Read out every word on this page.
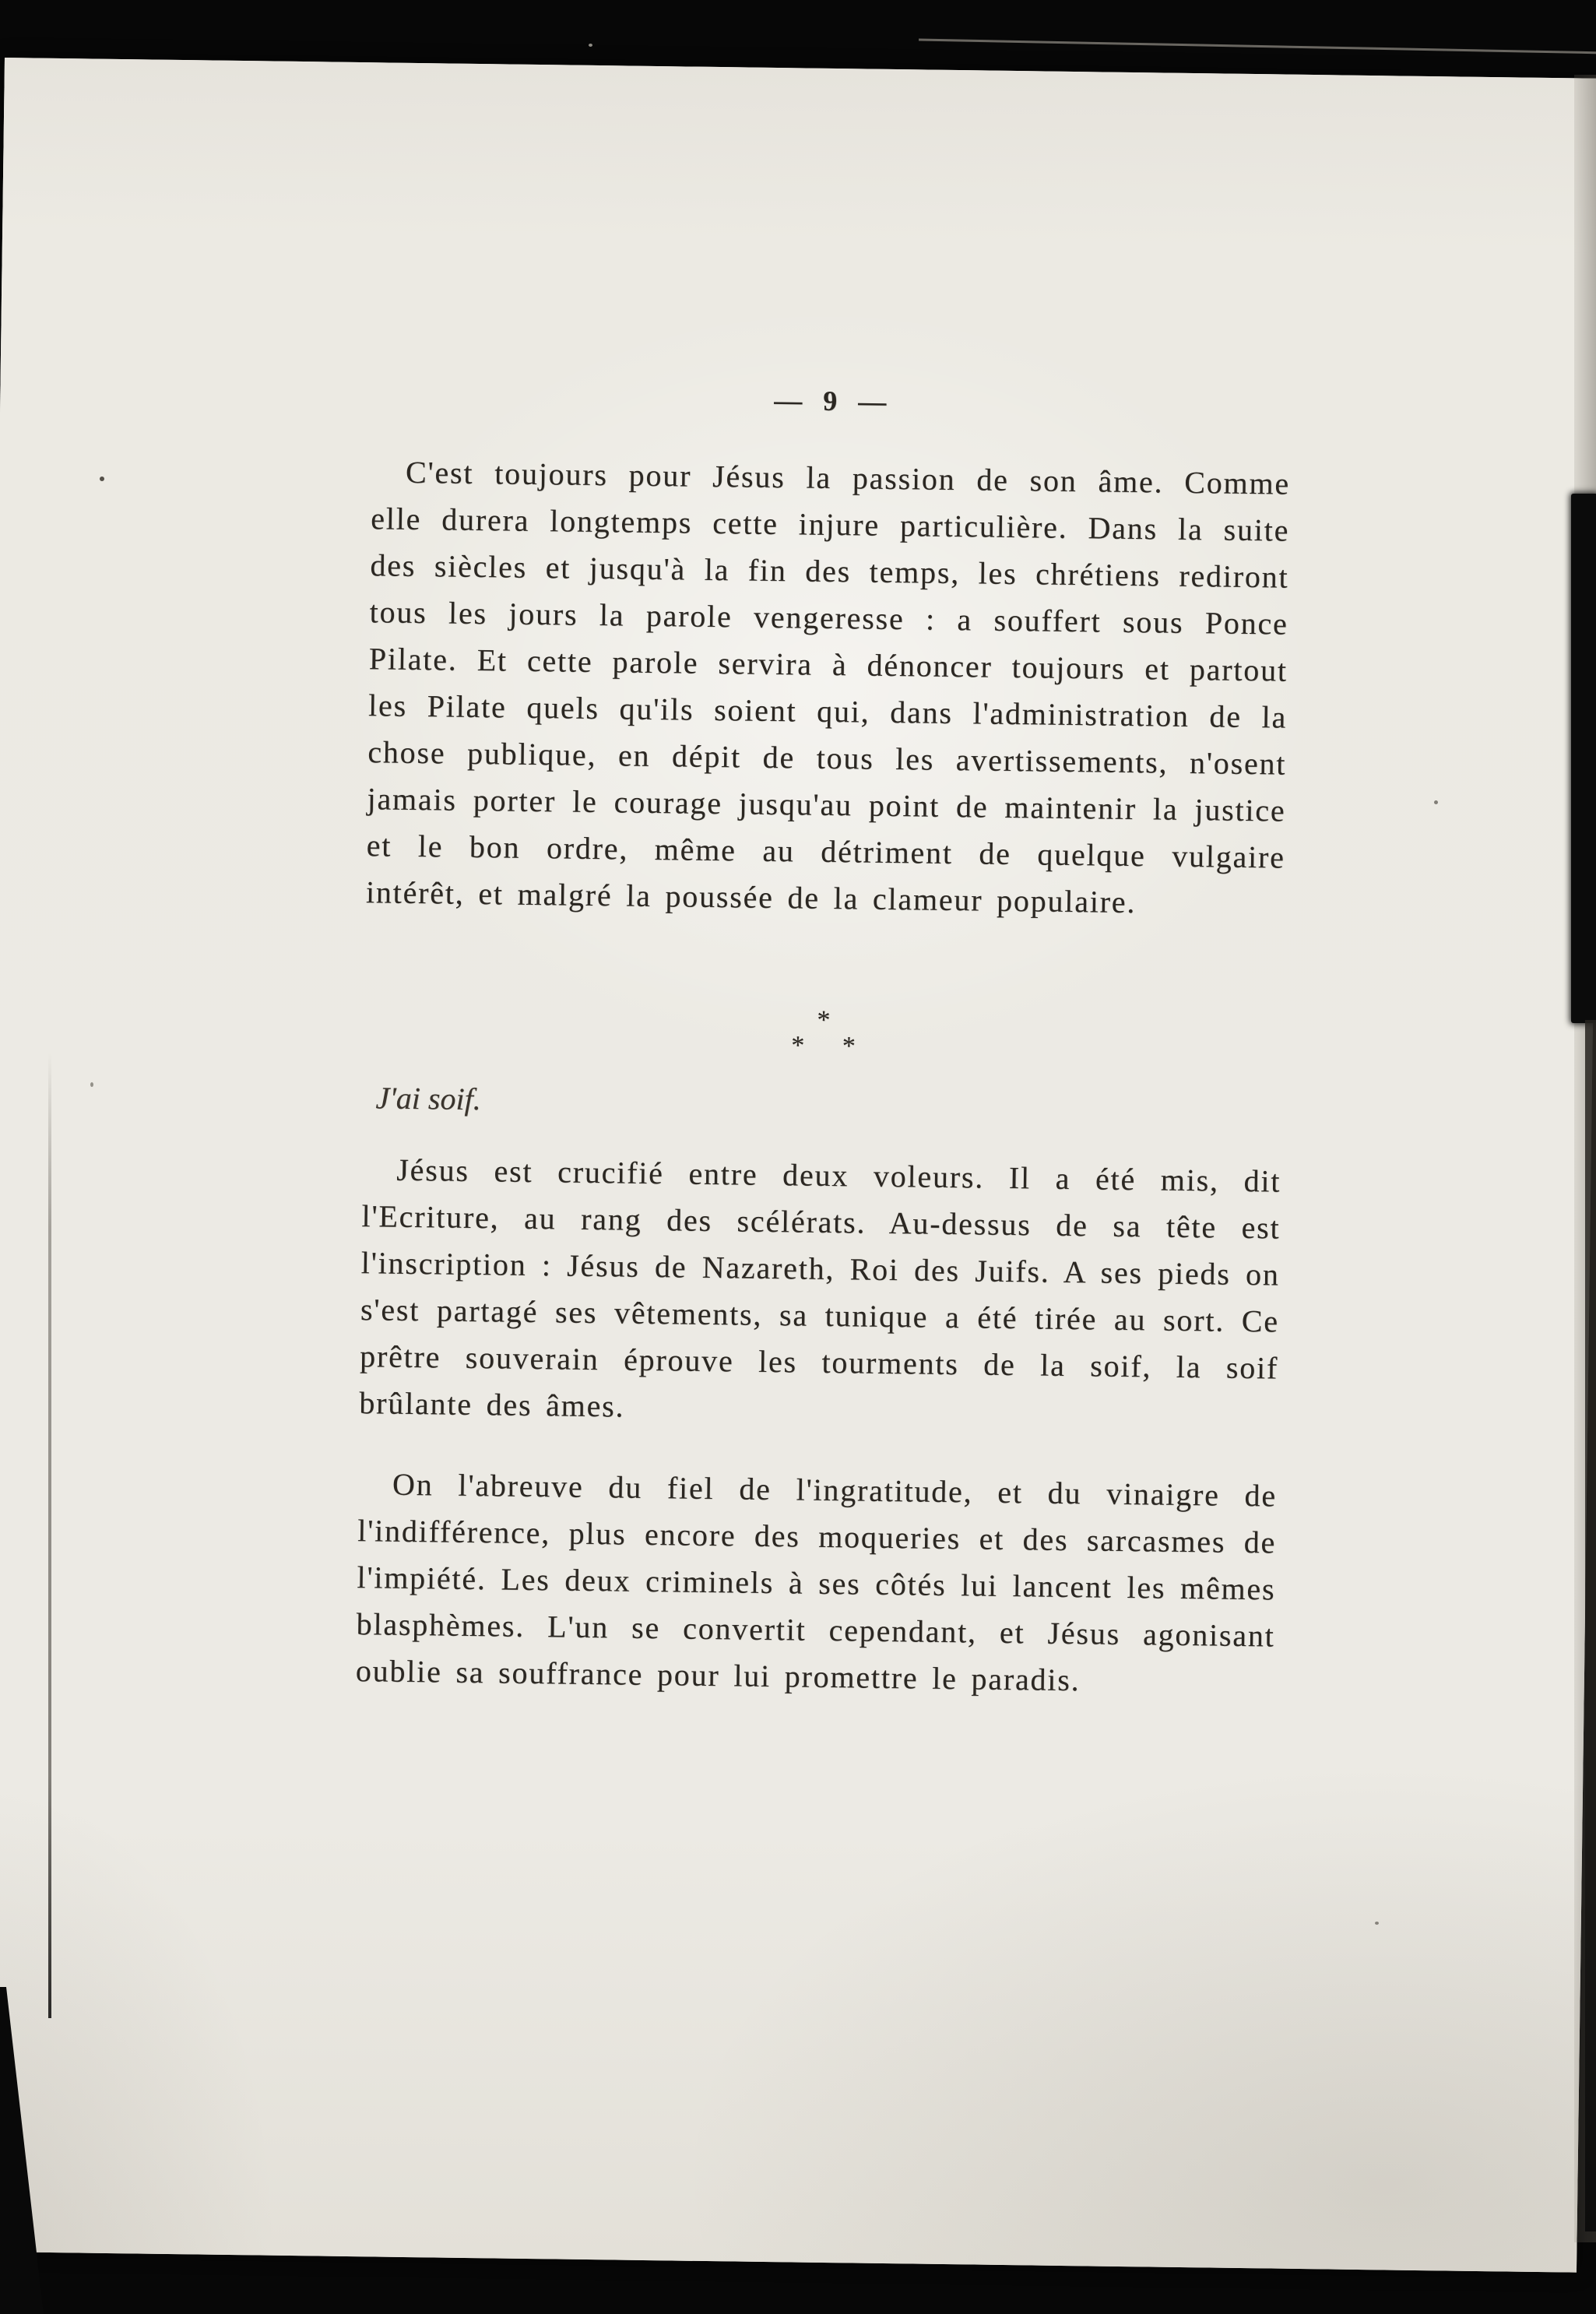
— 9 —

C'est toujours pour Jésus la passion de son âme. Comme elle durera longtemps cette injure particulière. Dans la suite des siècles et jusqu'à la fin des temps, les chrétiens rediront tous les jours la parole vengeresse : a souffert sous Ponce Pilate. Et cette parole servira à dénoncer toujours et partout les Pilate quels qu'ils soient qui, dans l'administration de la chose publique, en dépit de tous les avertissements, n'osent jamais porter le courage jusqu'au point de maintenir la justice et le bon ordre, même au détriment de quelque vulgaire intérêt, et malgré la poussée de la clameur populaire.

*
* *
J'ai soif.

Jésus est crucifié entre deux voleurs. Il a été mis, dit l'Ecriture, au rang des scélérats. Au-dessus de sa tête est l'inscription : Jésus de Nazareth, Roi des Juifs. A ses pieds on s'est partagé ses vêtements, sa tunique a été tirée au sort. Ce prêtre souverain éprouve les tourments de la soif, la soif brûlante des âmes.

On l'abreuve du fiel de l'ingratitude, et du vinaigre de l'indifférence, plus encore des moqueries et des sarcasmes de l'impiété. Les deux criminels à ses côtés lui lancent les mêmes blasphèmes. L'un se convertit cependant, et Jésus agonisant oublie sa souffrance pour lui promettre le paradis.
